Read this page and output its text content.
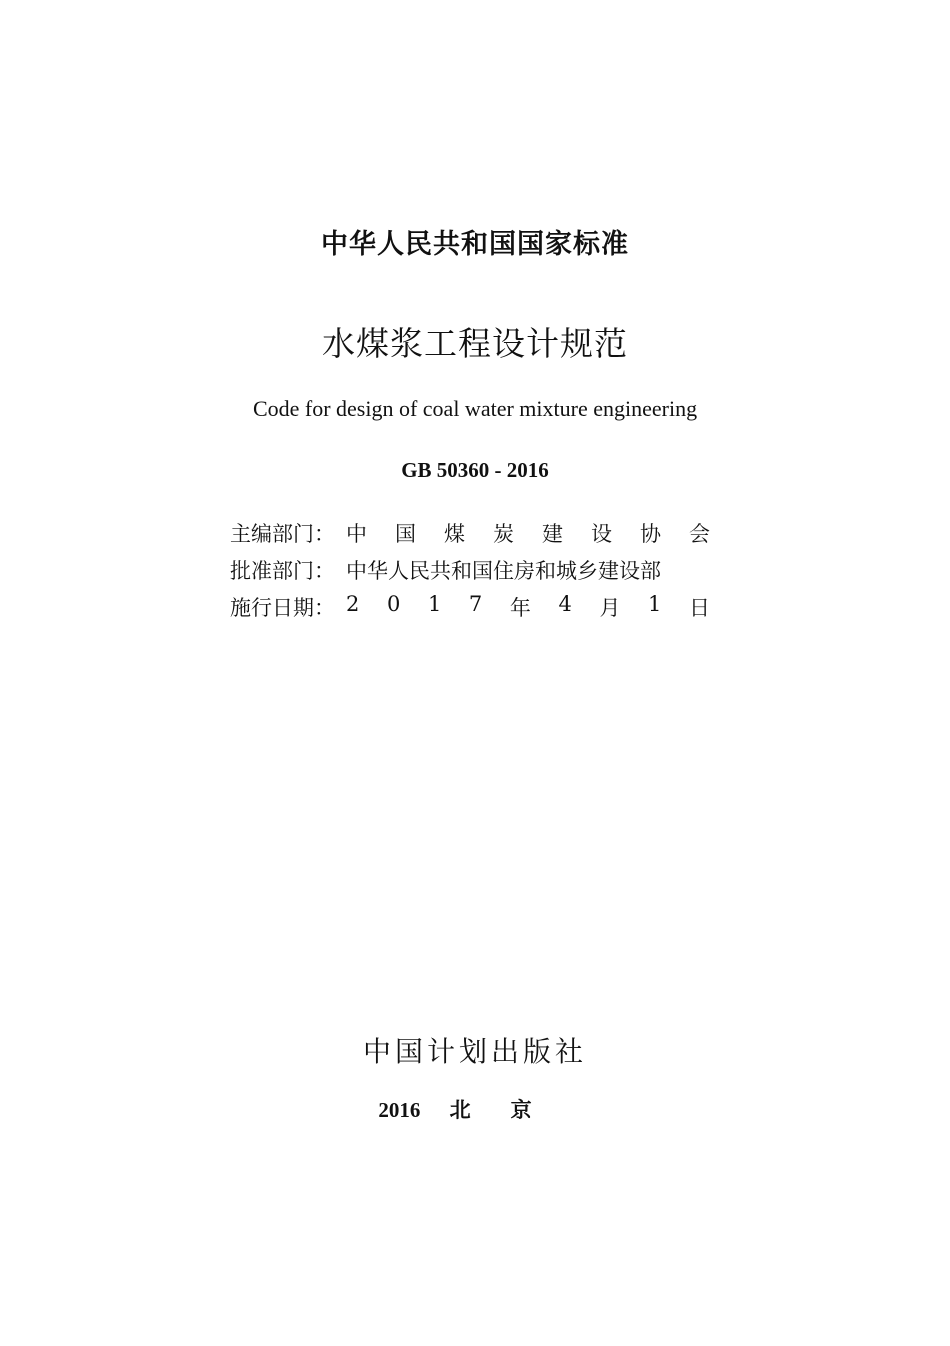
中华人民共和国国家标准
水煤浆工程设计规范
Code for design of coal water mixture engineering
GB 50360 - 2016
主编部门： 中 国 煤 炭 建 设 协 会
批准部门： 中华人民共和国住房和城乡建设部
施行日期： 2 0 1 7 年 4 月 1 日
中国计划出版社
2016 北京
